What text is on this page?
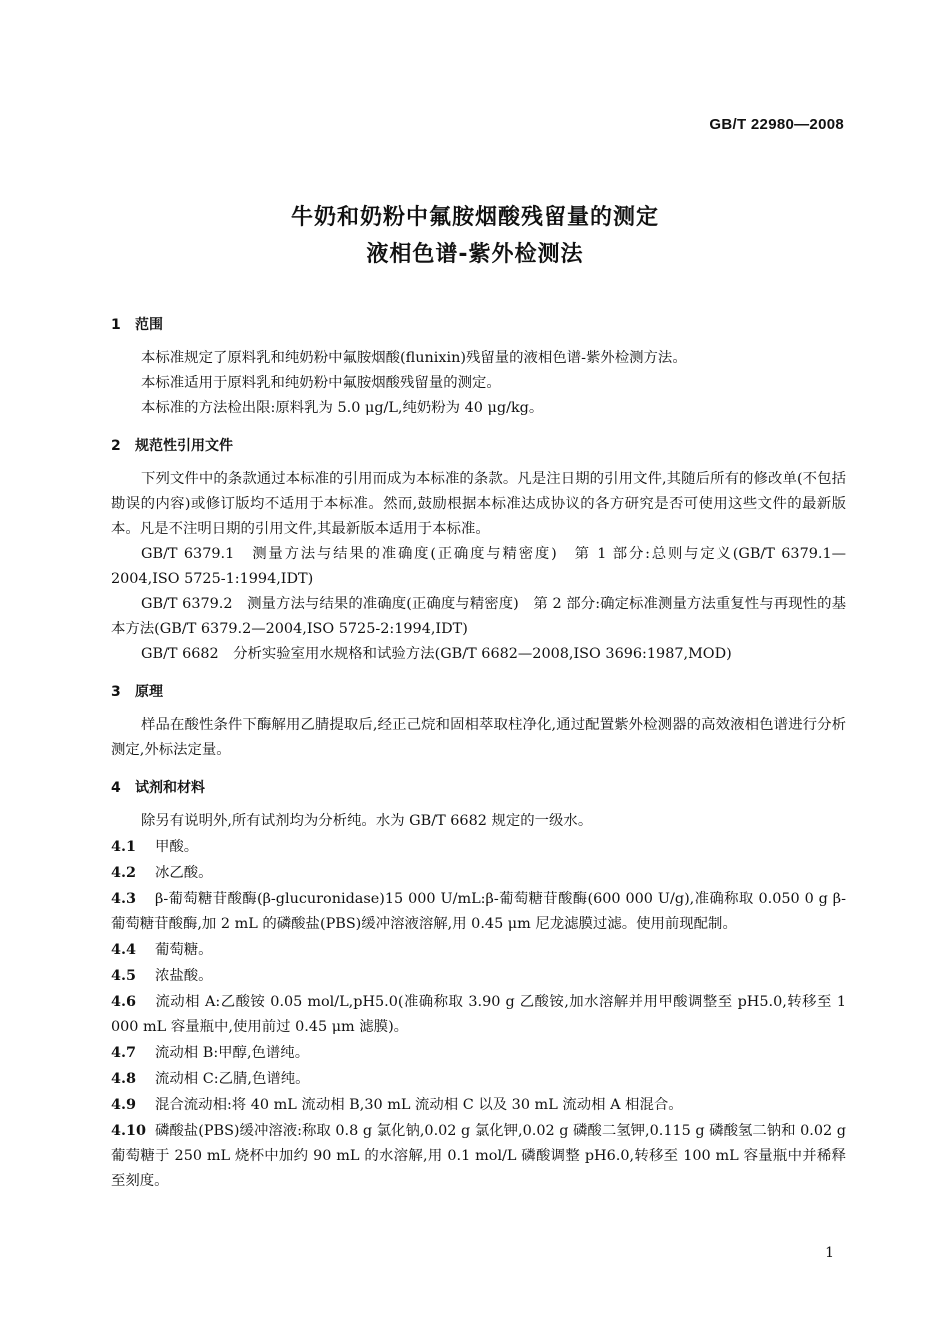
GB/T 22980—2008
牛奶和奶粉中氟胺烟酸残留量的测定
液相色谱-紫外检测法
1 范围

本标准规定了原料乳和纯奶粉中氟胺烟酸(flunixin)残留量的液相色谱-紫外检测方法。

本标准适用于原料乳和纯奶粉中氟胺烟酸残留量的测定。

本标准的方法检出限:原料乳为 5.0 μg/L,纯奶粉为 40 μg/kg。

2 规范性引用文件

下列文件中的条款通过本标准的引用而成为本标准的条款。凡是注日期的引用文件,其随后所有的修改单(不包括勘误的内容)或修订版均不适用于本标准。然而,鼓励根据本标准达成协议的各方研究是否可使用这些文件的最新版本。凡是不注明日期的引用文件,其最新版本适用于本标准。

GB/T 6379.1　测量方法与结果的准确度(正确度与精密度)　第 1 部分:总则与定义(GB/T 6379.1—2004,ISO 5725-1:1994,IDT)

GB/T 6379.2　测量方法与结果的准确度(正确度与精密度)　第 2 部分:确定标准测量方法重复性与再现性的基本方法(GB/T 6379.2—2004,ISO 5725-2:1994,IDT)

GB/T 6682　分析实验室用水规格和试验方法(GB/T 6682—2008,ISO 3696:1987,MOD)

3 原理

样品在酸性条件下酶解用乙腈提取后,经正己烷和固相萃取柱净化,通过配置紫外检测器的高效液相色谱进行分析测定,外标法定量。

4 试剂和材料

除另有说明外,所有试剂均为分析纯。水为 GB/T 6682 规定的一级水。

4.1 甲酸。

4.2 冰乙酸。

4.3 β-葡萄糖苷酸酶(β-glucuronidase)15 000 U/mL:β-葡萄糖苷酸酶(600 000 U/g),准确称取 0.050 0 g β-葡萄糖苷酸酶,加 2 mL 的磷酸盐(PBS)缓冲溶液溶解,用 0.45 μm 尼龙滤膜过滤。使用前现配制。

4.4 葡萄糖。

4.5 浓盐酸。

4.6 流动相 A:乙酸铵 0.05 mol/L,pH5.0(准确称取 3.90 g 乙酸铵,加水溶解并用甲酸调整至 pH5.0,转移至 1 000 mL 容量瓶中,使用前过 0.45 μm 滤膜)。

4.7 流动相 B:甲醇,色谱纯。

4.8 流动相 C:乙腈,色谱纯。

4.9 混合流动相:将 40 mL 流动相 B,30 mL 流动相 C 以及 30 mL 流动相 A 相混合。

4.10 磷酸盐(PBS)缓冲溶液:称取 0.8 g 氯化钠,0.02 g 氯化钾,0.02 g 磷酸二氢钾,0.115 g 磷酸氢二钠和 0.02 g 葡萄糖于 250 mL 烧杯中加约 90 mL 的水溶解,用 0.1 mol/L 磷酸调整 pH6.0,转移至 100 mL 容量瓶中并稀释至刻度。

1
